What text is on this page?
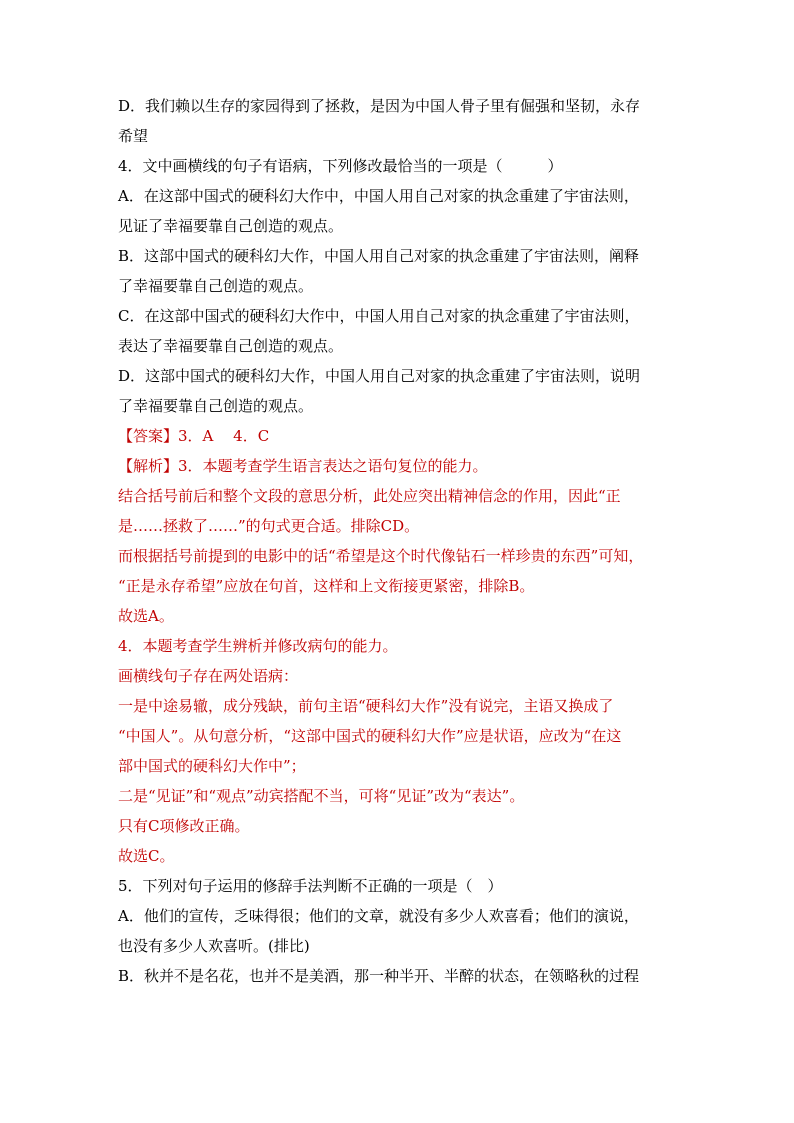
D．我们赖以生存的家园得到了拯救，是因为中国人骨子里有倔强和坚韧，永存
希望
4．文中画横线的句子有语病，下列修改最恰当的一项是（　　　）
A．在这部中国式的硬科幻大作中，中国人用自己对家的执念重建了宇宙法则，
见证了幸福要靠自己创造的观点。
B．这部中国式的硬科幻大作，中国人用自己对家的执念重建了宇宙法则，阐释
了幸福要靠自己创造的观点。
C．在这部中国式的硬科幻大作中，中国人用自己对家的执念重建了宇宙法则，
表达了幸福要靠自己创造的观点。
D．这部中国式的硬科幻大作，中国人用自己对家的执念重建了宇宙法则，说明
了幸福要靠自己创造的观点。
【答案】3．A　 4．C
【解析】3．本题考查学生语言表达之语句复位的能力。
结合括号前后和整个文段的意思分析，此处应突出精神信念的作用，因此“正
是……拯救了……”的句式更合适。排除CD。
而根据括号前提到的电影中的话“希望是这个时代像钻石一样珍贵的东西”可知，
“正是永存希望”应放在句首，这样和上文衔接更紧密，排除B。
故选A。
4．本题考查学生辨析并修改病句的能力。
画横线句子存在两处语病：
一是中途易辙，成分残缺，前句主语“硬科幻大作”没有说完，主语又换成了
“中国人”。从句意分析，“这部中国式的硬科幻大作”应是状语，应改为“在这
部中国式的硬科幻大作中”；
二是“见证”和“观点”动宾搭配不当，可将“见证”改为“表达”。
只有C项修改正确。
故选C。
5．下列对句子运用的修辞手法判断不正确的一项是（　）
A．他们的宣传，乏味得很；他们的文章，就没有多少人欢喜看；他们的演说，
也没有多少人欢喜听。(排比)
B．秋并不是名花，也并不是美酒，那一种半开、半醉的状态，在领略秋的过程
